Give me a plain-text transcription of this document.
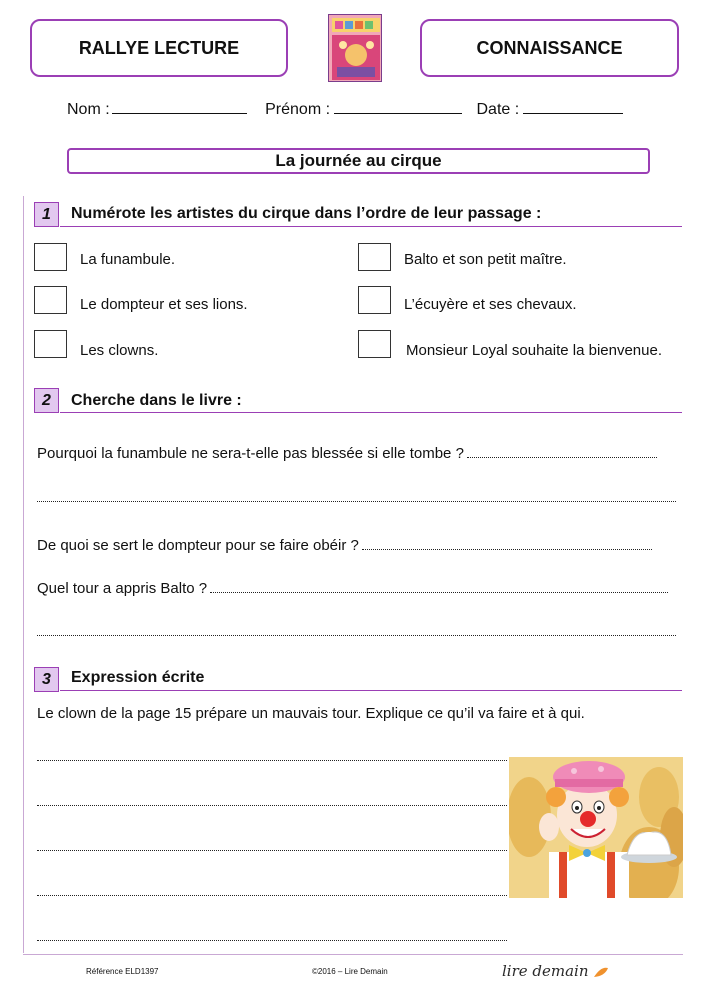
RALLYE LECTURE	CONNAISSANCE
Nom :	Prénom :	Date :
La journée au cirque
1 Numérote les artistes du cirque dans l’ordre de leur passage :
La funambule.	Balto et son petit maître.
Le dompteur et ses lions.	L’écuyère et ses chevaux.
Les clowns.	Monsieur Loyal souhaite la bienvenue.
2 Cherche dans le livre :
Pourquoi la funambule ne sera-t-elle pas blessée si elle tombe ?
De quoi se sert le dompteur pour se faire obéir ?
Quel tour a appris Balto ?
3 Expression écrite
Le clown de la page 15 prépare un mauvais tour. Explique ce qu’il va faire et à qui.
Référence ELD1397	©2016 – Lire Demain	lire demain
